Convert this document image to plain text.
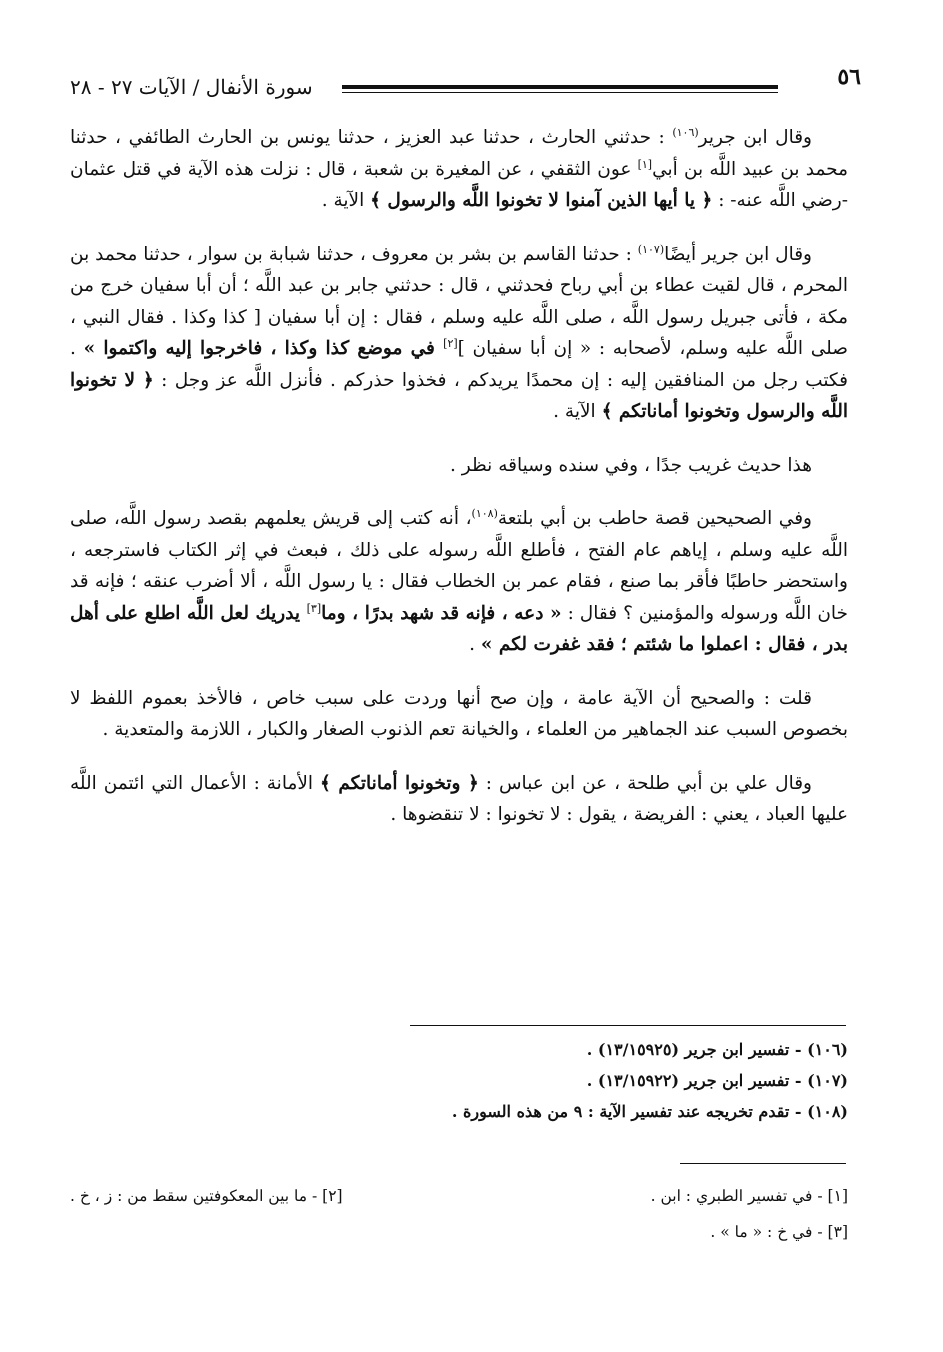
٥٦
سورة الأنفال / الآيات ٢٧ - ٢٨

وقال ابن جرير$^{(١٠٦)}$ : حدثني الحارث ، حدثنا عبد العزيز ، حدثنا يونس بن الحارث الطائفي ، حدثنا محمد بن عبيد اللَّه بن أبي[١] عون الثقفي ، عن المغيرة بن شعبة ، قال : نزلت هذه الآية في قتل عثمان -رضي اللَّه عنه- : ﴿ يا أيها الذين آمنوا لا تخونوا اللَّه والرسول ﴾ الآية .

وقال ابن جرير أيضًا$^{(١٠٧)}$ : حدثنا القاسم بن بشر بن معروف ، حدثنا شبابة بن سوار ، حدثنا محمد بن المحرم ، قال لقيت عطاء بن أبي رباح فحدثني ، قال : حدثني جابر بن عبد اللَّه ؛ أن أبا سفيان خرج من مكة ، فأتى جبريل رسول اللَّه ، صلى اللَّه عليه وسلم ، فقال : إن أبا سفيان [ كذا وكذا . فقال النبي ، صلى اللَّه عليه وسلم، لأصحابه : « إن أبا سفيان ][٢] في موضع كذا وكذا ، فاخرجوا إليه واكتموا » . فكتب رجل من المنافقين إليه : إن محمدًا يريدكم ، فخذوا حذركم . فأنزل اللَّه عز وجل : ﴿ لا تخونوا اللَّه والرسول وتخونوا أماناتكم ﴾ الآية .

هذا حديث غريب جدًا ، وفي سنده وسياقه نظر .

وفي الصحيحين قصة حاطب بن أبي بلتعة$^{(١٠٨)}$، أنه كتب إلى قريش يعلمهم بقصد رسول اللَّه، صلى اللَّه عليه وسلم ، إياهم عام الفتح ، فأطلع اللَّه رسوله على ذلك ، فبعث في إثر الكتاب فاسترجعه ، واستحضر حاطبًا فأقر بما صنع ، فقام عمر بن الخطاب فقال : يا رسول اللَّه ، ألا أضرب عنقه ؛ فإنه قد خان اللَّه ورسوله والمؤمنين ؟ فقال : « دعه ، فإنه قد شهد بدرًا ، وما[٣] يدريك لعل اللَّه اطلع على أهل بدر ، فقال : اعملوا ما شئتم ؛ فقد غفرت لكم » .

قلت : والصحيح أن الآية عامة ، وإن صح أنها وردت على سبب خاص ، فالأخذ بعموم اللفظ لا بخصوص السبب عند الجماهير من العلماء ، والخيانة تعم الذنوب الصغار والكبار ، اللازمة والمتعدية .

وقال علي بن أبي طلحة ، عن ابن عباس : ﴿ وتخونوا أماناتكم ﴾ الأمانة : الأعمال التي ائتمن اللَّه عليها العباد ، يعني : الفريضة ، يقول : لا تخونوا : لا تنقضوها .

(١٠٦) - تفسير ابن جرير (١٣/١٥٩٢٥) .
(١٠٧) - تفسير ابن جرير (١٣/١٥٩٢٢) .
(١٠٨) - تقدم تخريجه عند تفسير الآية : ٩ من هذه السورة .
[١] - في تفسير الطبري : ابن .
[٢] - ما بين المعكوفتين سقط من : ز ، خ .
[٣] - في خ : « ما » .
